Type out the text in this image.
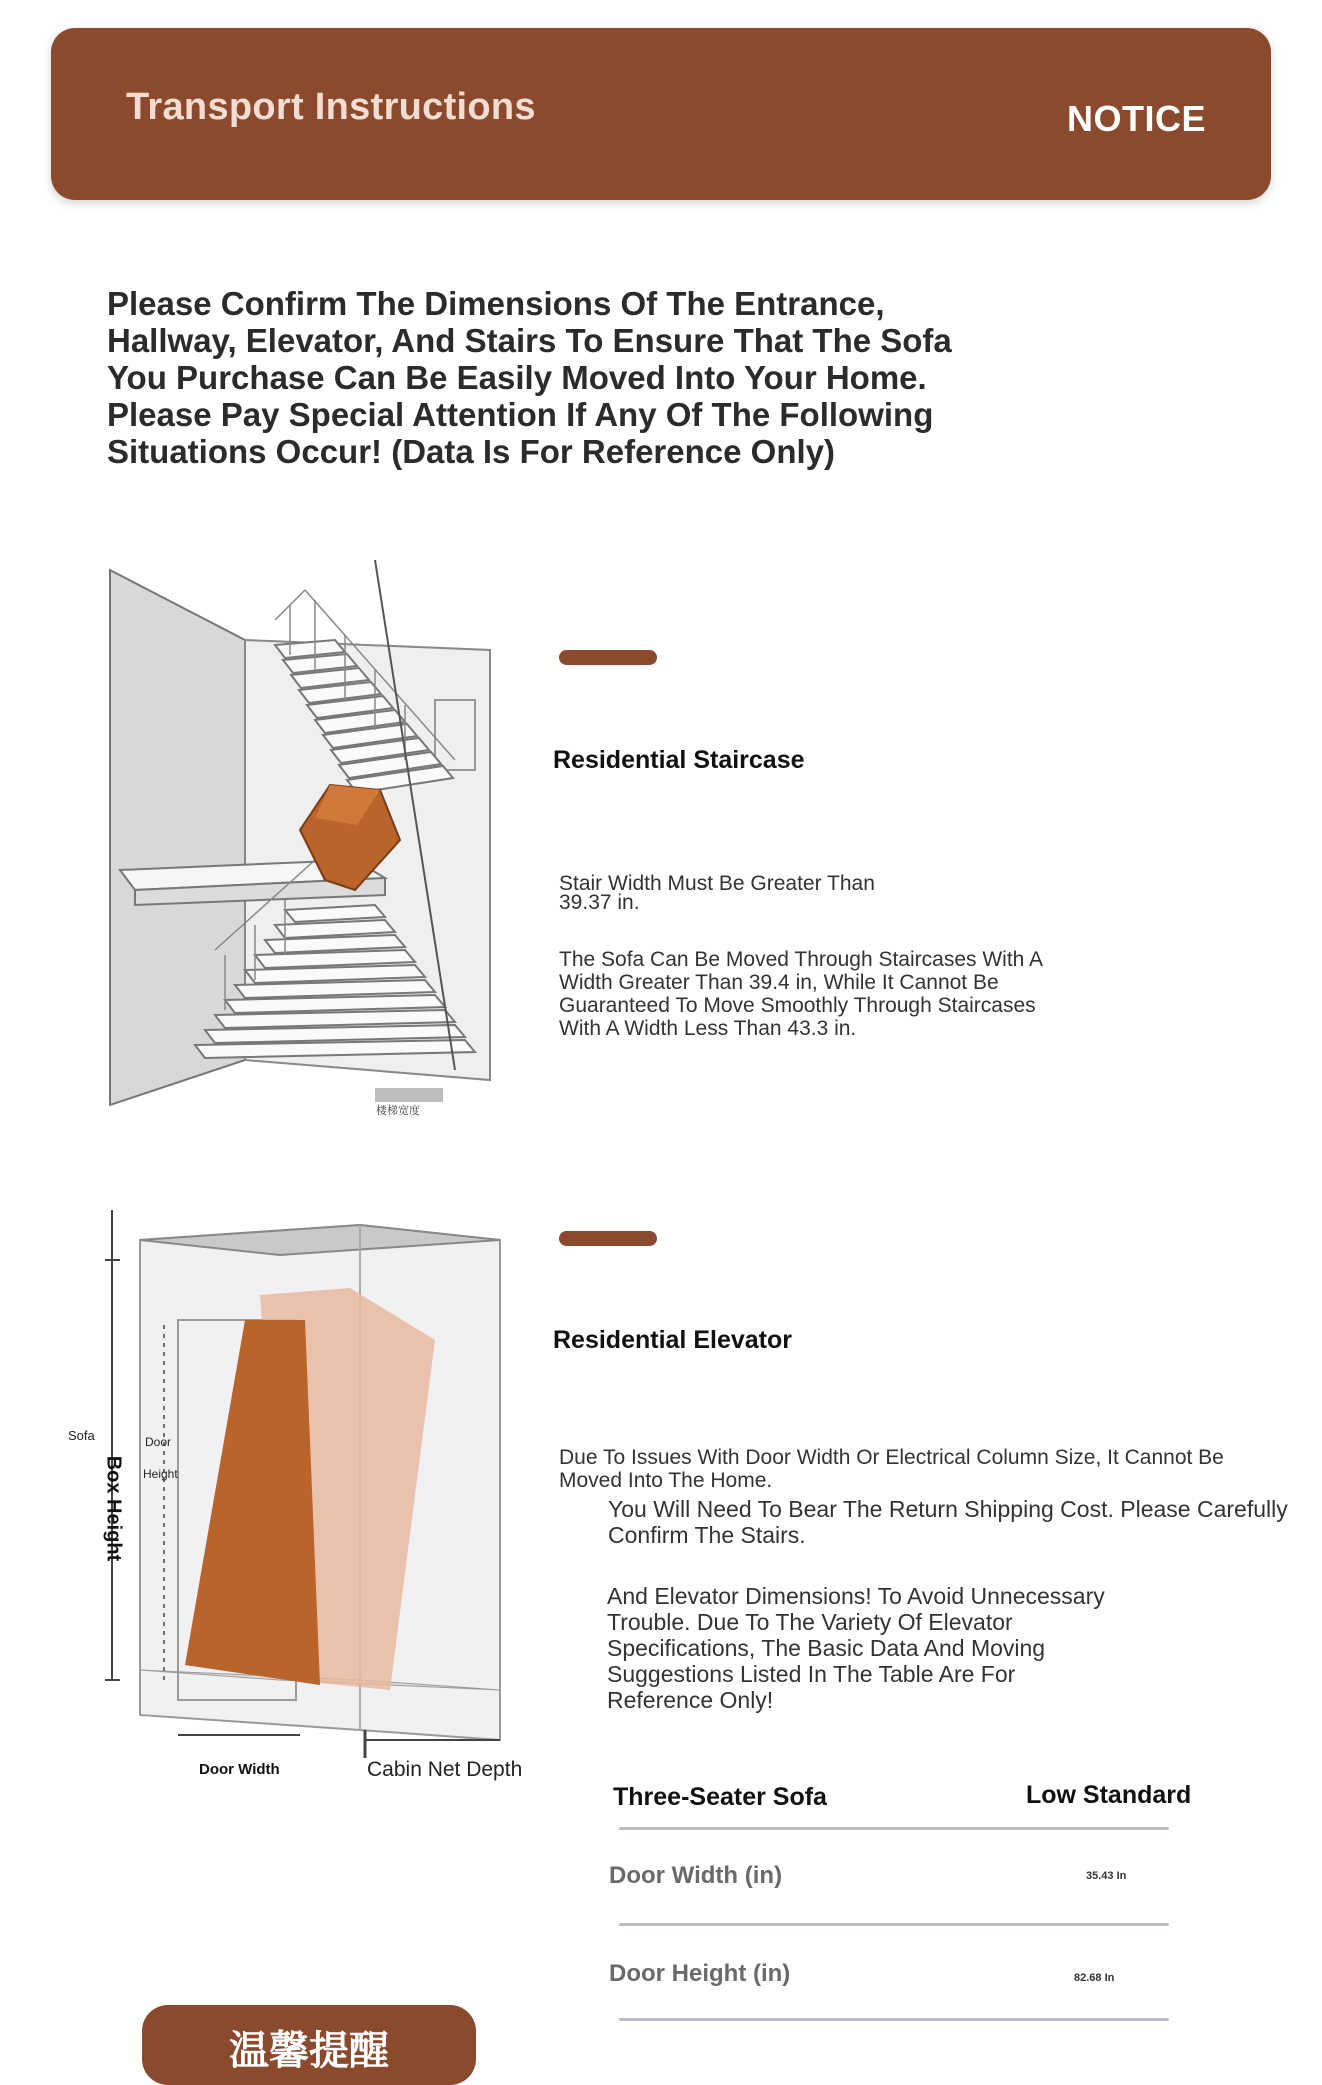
Transport Instructions	NOTICE
Please Confirm The Dimensions Of The Entrance, Hallway, Elevator, And Stairs To Ensure That The Sofa You Purchase Can Be Easily Moved Into Your Home. Please Pay Special Attention If Any Of The Following Situations Occur! (Data Is For Reference Only)
楼梯宽度
Residential Staircase
Stair Width Must Be Greater Than 39.37 in.
The Sofa Can Be Moved Through Staircases With A Width Greater Than 39.4 in, While It Cannot Be Guaranteed To Move Smoothly Through Staircases With A Width Less Than 43.3 in.
Sofa
Box Height
Door
Height
Door Width	Cabin Net Depth
Residential Elevator
Due To Issues With Door Width Or Electrical Column Size, It Cannot Be Moved Into The Home.
You Will Need To Bear The Return Shipping Cost. Please Carefully Confirm The Stairs.
And Elevator Dimensions! To Avoid Unnecessary Trouble. Due To The Variety Of Elevator Specifications, The Basic Data And Moving Suggestions Listed In The Table Are For Reference Only!
Three-Seater Sofa	Low Standard
Door Width (in)	35.43 In
Door Height (in)	82.68 In
温馨提醒
